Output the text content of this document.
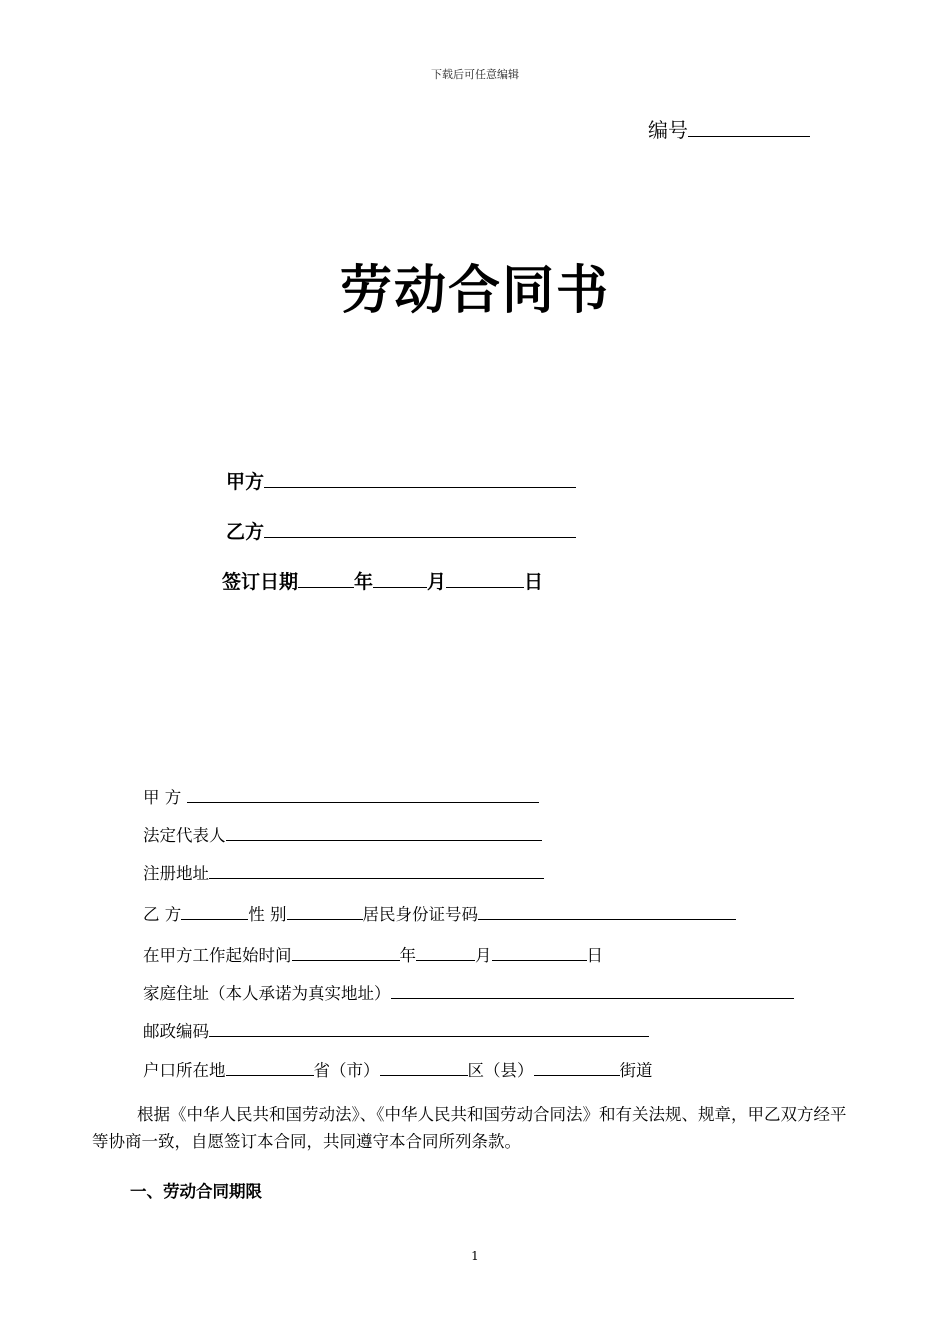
下载后可任意编辑
编号
劳动合同书
甲方
乙方
签订日期	年	月	日
甲 方
法定代表人
注册地址
乙 方	性 别	居民身份证号码
在甲方工作起始时间	年	月	日
家庭住址（本人承诺为真实地址）
邮政编码
户口所在地	省（市）	区（县）	街道
根据《中华人民共和国劳动法》、《中华人民共和国劳动合同法》和有关法规、规章，甲乙双方经平等协商一致，自愿签订本合同，共同遵守本合同所列条款。
一、劳动合同期限
1
